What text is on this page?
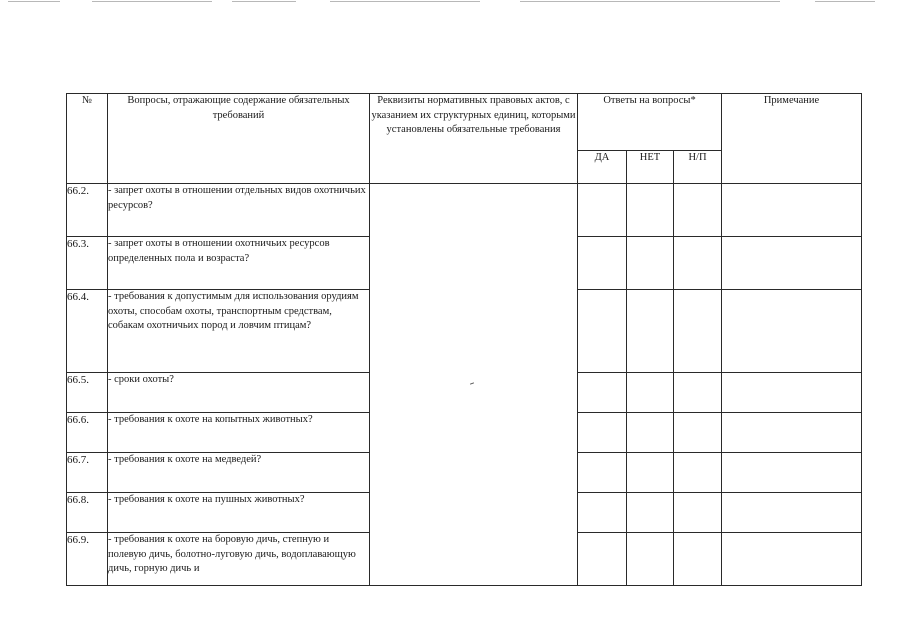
№	Вопросы, отражающие содержание обязательных требований	Реквизиты нормативных правовых актов, с указанием их структурных единиц, которыми установлены обязательные требования	Ответы на вопросы*			Примечание
			ДА	НЕТ	Н/П	
66.2.	- запрет охоты в отношении отдельных видов охотничьих ресурсов?	

66.3.	- запрет охоты в отношении охотничьих ресурсов определенных пола и возраста?					
66.4.	- требования к допустимым для использования орудиям охоты, способам охоты, транспортным средствам, собакам охотничьих пород и ловчим птицам?					
66.5.	- сроки охоты?					
66.6.	- требования к охоте на копытных животных?					
66.7.	- требования к охоте на медведей?					
66.8.	- требования к охоте на пушных животных?					
66.9.	- требования к охоте на боровую дичь, степную и полевую дичь, болотно-луговую дичь, водоплавающую дичь, горную дичь и					
